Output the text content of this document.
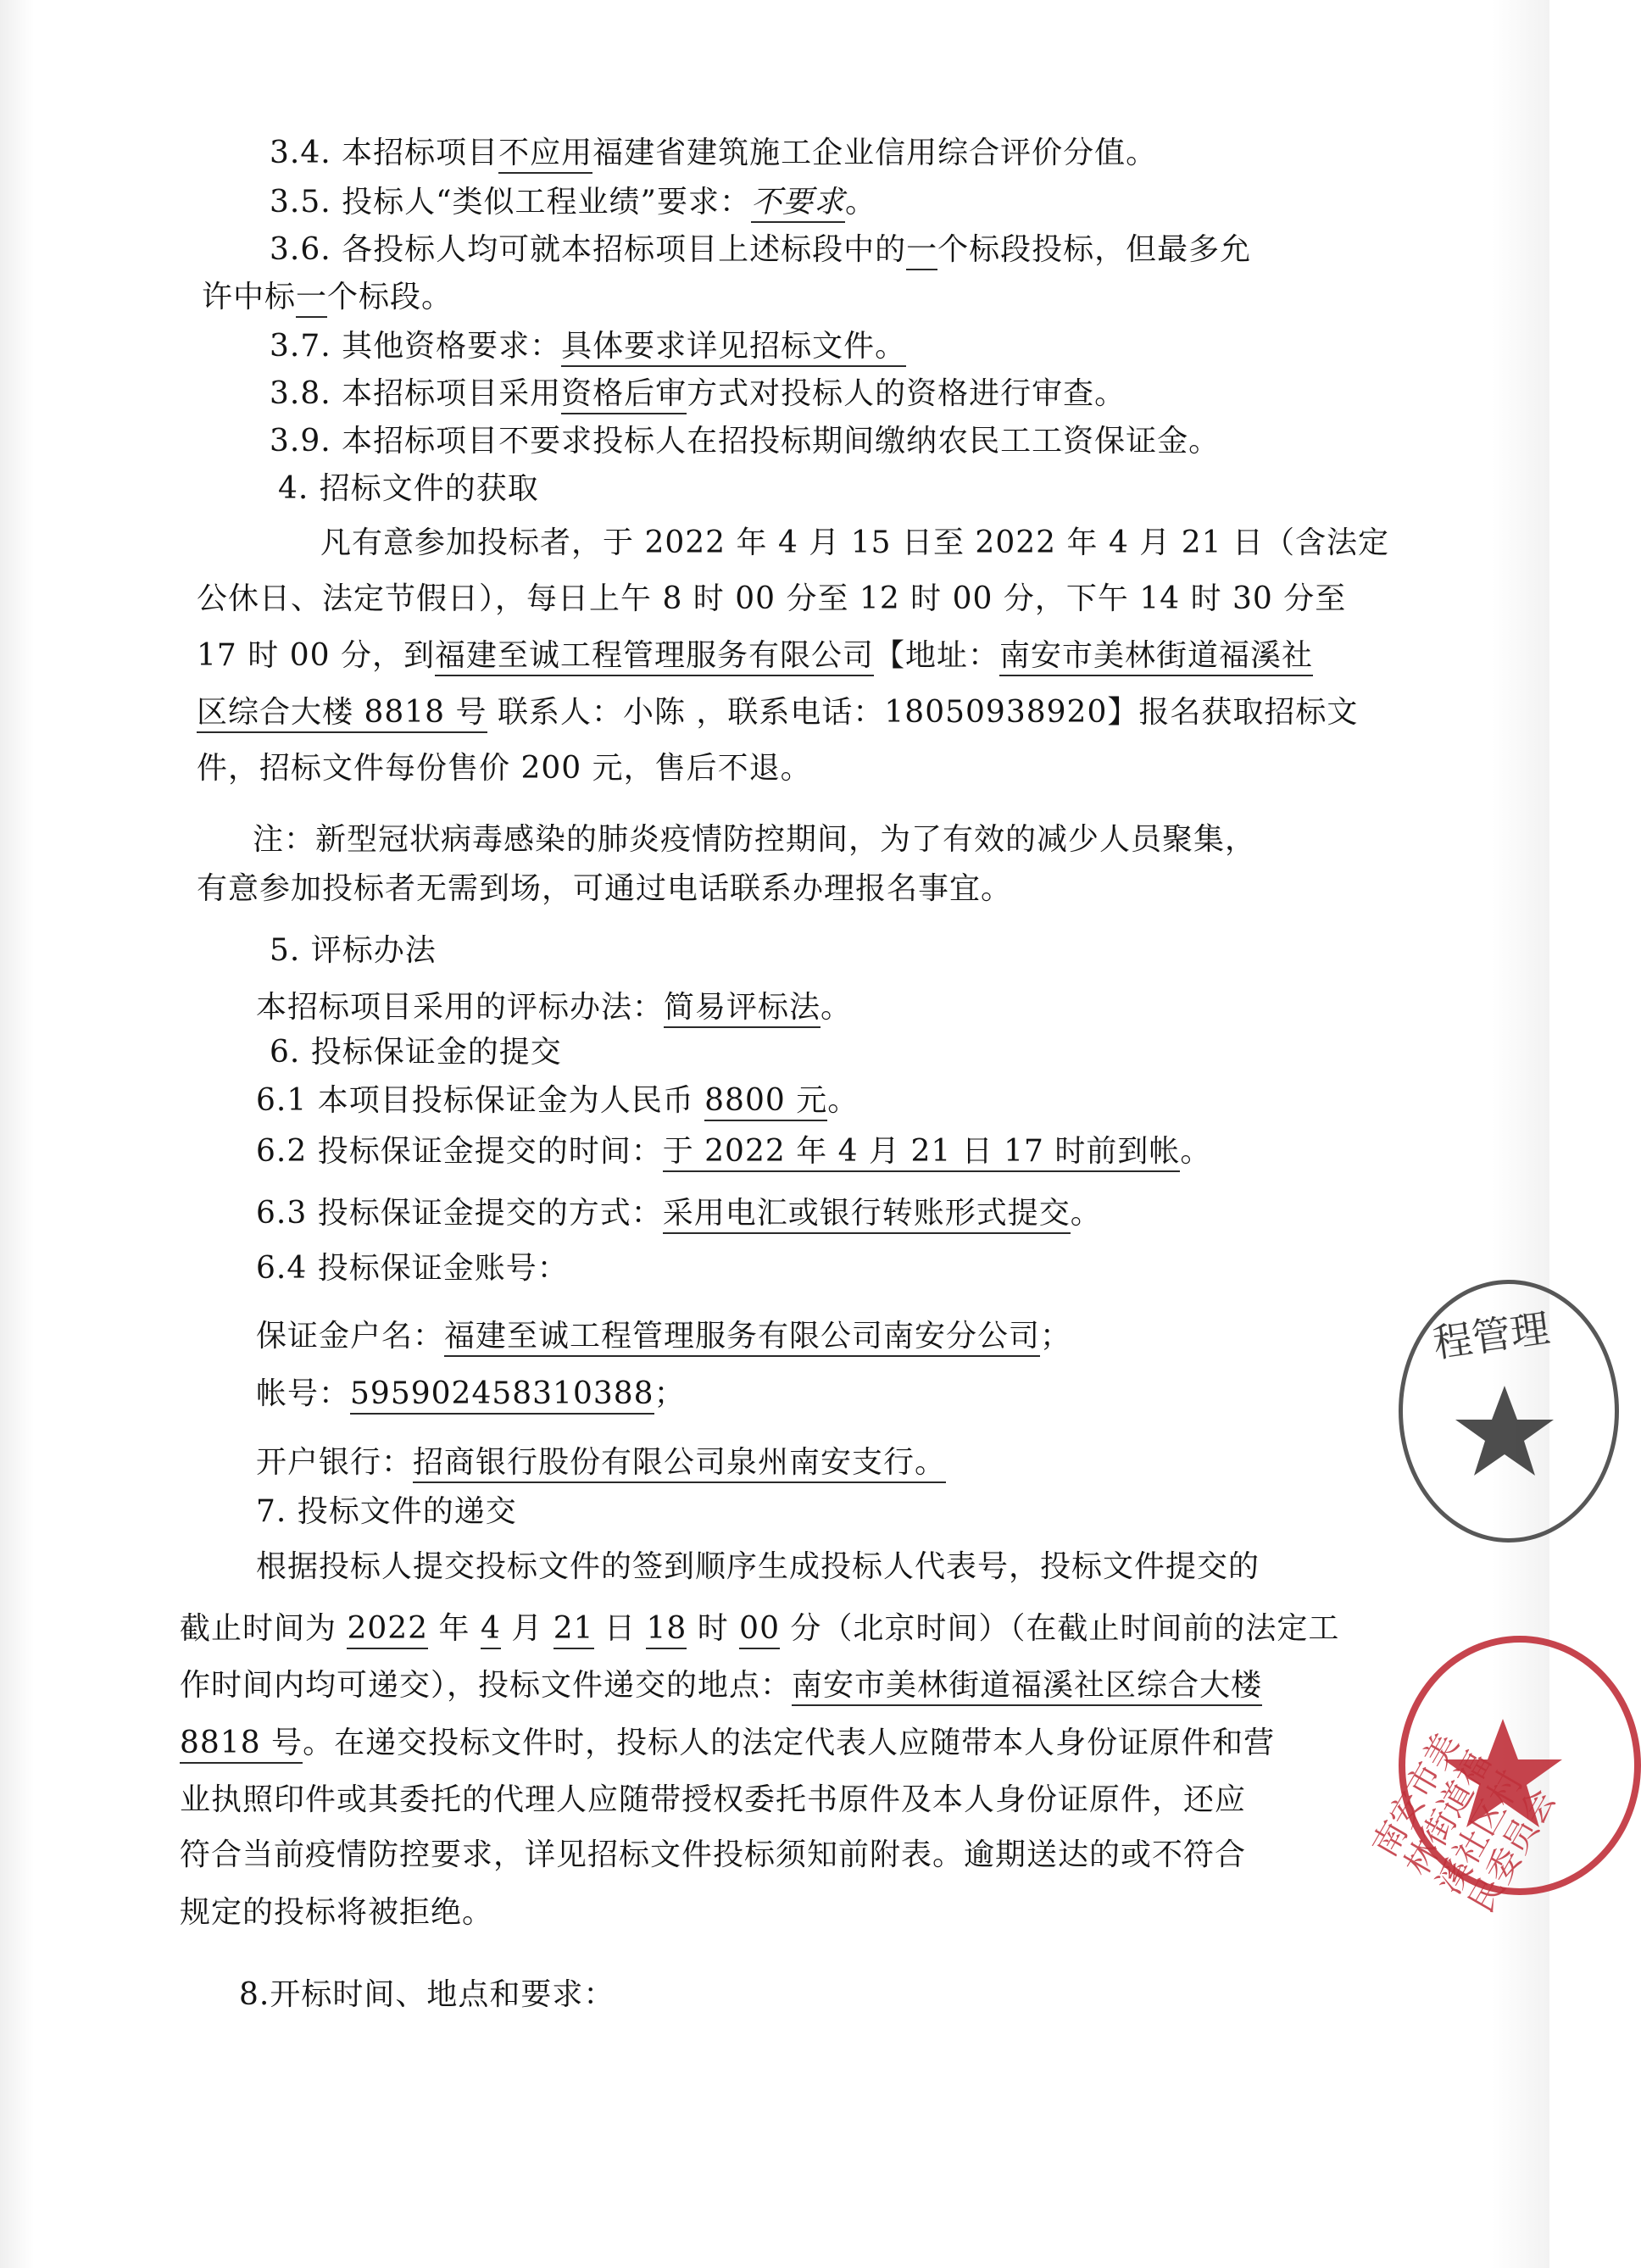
3.4. 本招标项目不应用福建省建筑施工企业信用综合评价分值。
3.5. 投标人“类似工程业绩”要求：不要求。
3.6. 各投标人均可就本招标项目上述标段中的一个标段投标，但最多允
许中标一个标段。
3.7. 其他资格要求：具体要求详见招标文件。
3.8. 本招标项目采用资格后审方式对投标人的资格进行审查。
3.9. 本招标项目不要求投标人在招投标期间缴纳农民工工资保证金。
4. 招标文件的获取
凡有意参加投标者，于 2022 年 4 月 15 日至 2022 年 4 月 21 日（含法定
公休日、法定节假日），每日上午 8 时 00 分至 12 时 00 分，下午 14 时 30 分至
17 时 00 分，到福建至诚工程管理服务有限公司【地址：南安市美林街道福溪社
区综合大楼 8818 号 联系人：小陈 ，联系电话：18050938920】报名获取招标文
件，招标文件每份售价 200 元，售后不退。
注：新型冠状病毒感染的肺炎疫情防控期间，为了有效的减少人员聚集，
有意参加投标者无需到场，可通过电话联系办理报名事宜。
5. 评标办法
本招标项目采用的评标办法：简易评标法。
6. 投标保证金的提交
6.1 本项目投标保证金为人民币 8800 元。
6.2 投标保证金提交的时间：于 2022 年 4 月 21 日 17 时前到帐。
6.3 投标保证金提交的方式：采用电汇或银行转账形式提交。
6.4 投标保证金账号：
保证金户名：福建至诚工程管理服务有限公司南安分公司；
帐号：595902458310388；
开户银行：招商银行股份有限公司泉州南安支行。
7. 投标文件的递交
根据投标人提交投标文件的签到顺序生成投标人代表号，投标文件提交的
截止时间为 2022 年 4 月 21 日 18 时 00 分（北京时间）（在截止时间前的法定工
作时间内均可递交），投标文件递交的地点：南安市美林街道福溪社区综合大楼
8818 号。在递交投标文件时，投标人的法定代表人应随带本人身份证原件和营
业执照印件或其委托的代理人应随带授权委托书原件及本人身份证原件，还应
符合当前疫情防控要求，详见招标文件投标须知前附表。逾期送达的或不符合
规定的投标将被拒绝。
8.开标时间、地点和要求：
程管理
南安市美林街道福溪社区村民委员会
